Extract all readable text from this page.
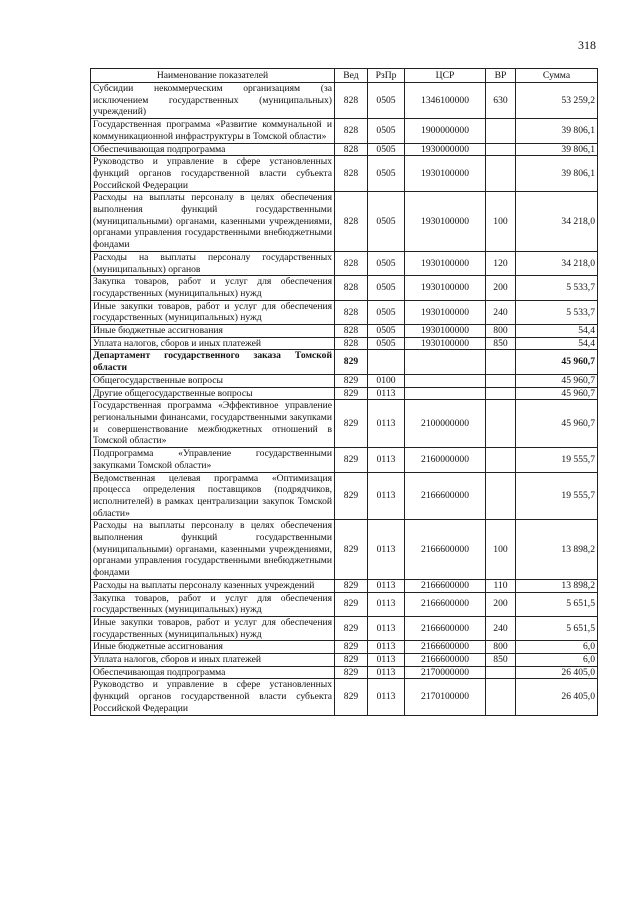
318
Наименование показателей	Вед	РзПр	ЦСР	ВР	Сумма
Субсидии некоммерческим организациям (за исключением государственных (муниципальных) учреждений)	828	0505	1346100000	630	53 259,2
Государственная программа «Развитие коммунальной и коммуникационной инфраструктуры в Томской области»	828	0505	1900000000		39 806,1
Обеспечивающая подпрограмма	828	0505	1930000000		39 806,1
Руководство и управление в сфере установленных функций органов государственной власти субъекта Российской Федерации	828	0505	1930100000		39 806,1
Расходы на выплаты персоналу в целях обеспечения выполнения функций государственными (муниципальными) органами, казенными учреждениями, органами управления государственными внебюджетными фондами	828	0505	1930100000	100	34 218,0
Расходы на выплаты персоналу государственных (муниципальных) органов	828	0505	1930100000	120	34 218,0
Закупка товаров, работ и услуг для обеспечения государственных (муниципальных) нужд	828	0505	1930100000	200	5 533,7
Иные закупки товаров, работ и услуг для обеспечения государственных (муниципальных) нужд	828	0505	1930100000	240	5 533,7
Иные бюджетные ассигнования	828	0505	1930100000	800	54,4
Уплата налогов, сборов и иных платежей	828	0505	1930100000	850	54,4
Департамент государственного заказа Томской области	829				45 960,7
Общегосударственные вопросы	829	0100			45 960,7
Другие общегосударственные вопросы	829	0113			45 960,7
Государственная программа «Эффективное управление региональными финансами, государственными закупками и совершенствование межбюджетных отношений в Томской области»	829	0113	2100000000		45 960,7
Подпрограмма «Управление государственными закупками Томской области»	829	0113	2160000000		19 555,7
Ведомственная целевая программа «Оптимизация процесса определения поставщиков (подрядчиков, исполнителей) в рамках централизации закупок Томской области»	829	0113	2166600000		19 555,7
Расходы на выплаты персоналу в целях обеспечения выполнения функций государственными (муниципальными) органами, казенными учреждениями, органами управления государственными внебюджетными фондами	829	0113	2166600000	100	13 898,2
Расходы на выплаты персоналу казенных учреждений	829	0113	2166600000	110	13 898,2
Закупка товаров, работ и услуг для обеспечения государственных (муниципальных) нужд	829	0113	2166600000	200	5 651,5
Иные закупки товаров, работ и услуг для обеспечения государственных (муниципальных) нужд	829	0113	2166600000	240	5 651,5
Иные бюджетные ассигнования	829	0113	2166600000	800	6,0
Уплата налогов, сборов и иных платежей	829	0113	2166600000	850	6,0
Обеспечивающая подпрограмма	829	0113	2170000000		26 405,0
Руководство и управление в сфере установленных функций органов государственной власти субъекта Российской Федерации	829	0113	2170100000		26 405,0
